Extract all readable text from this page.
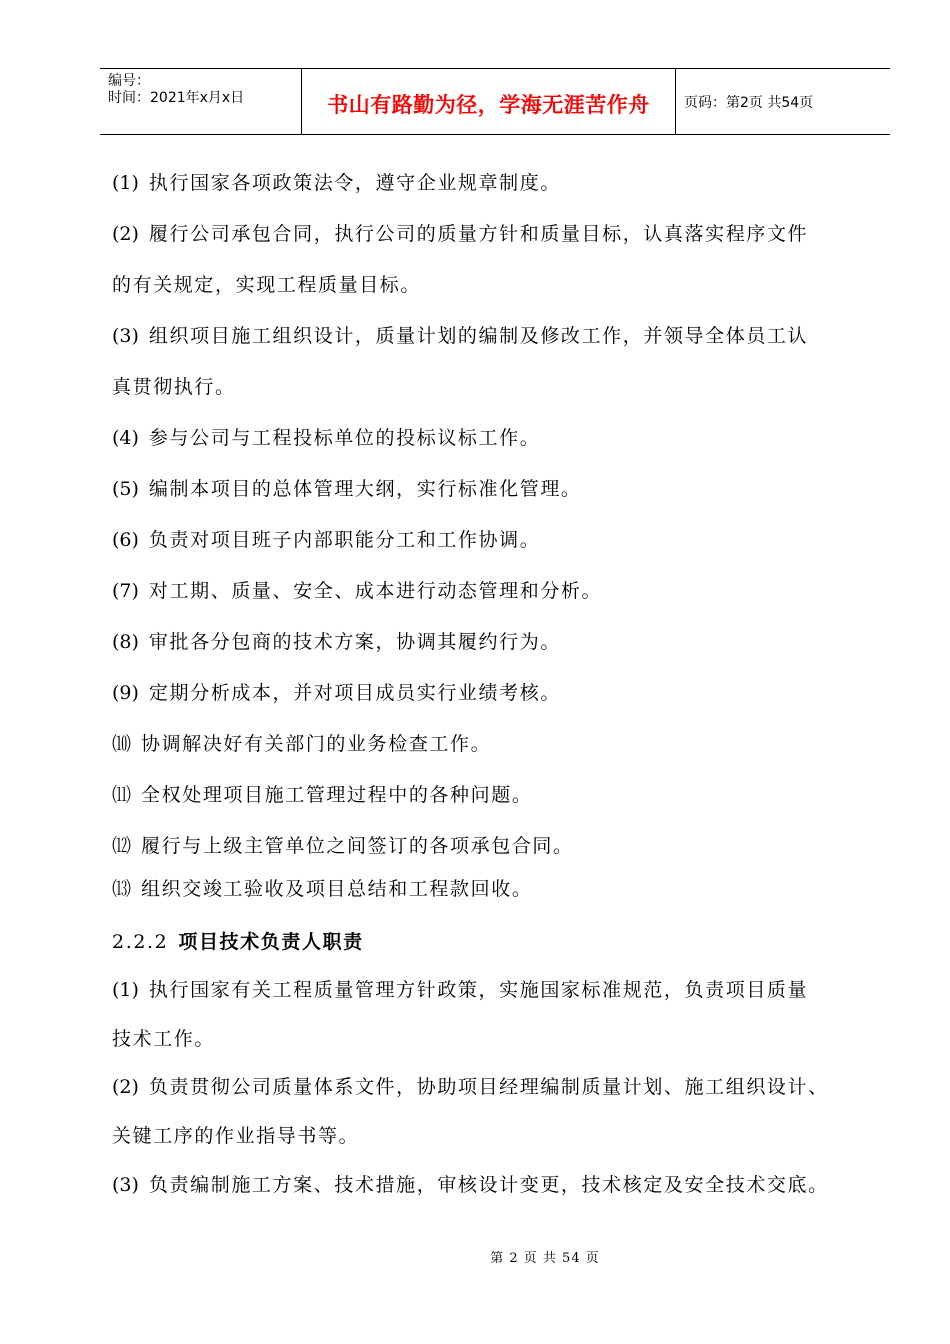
编号：
时间：2021年x月x日	书山有路勤为径，学海无涯苦作舟	页码：第2页 共54页
(1) 执行国家各项政策法令，遵守企业规章制度。
(2) 履行公司承包合同，执行公司的质量方针和质量目标，认真落实程序文件
的有关规定，实现工程质量目标。
(3) 组织项目施工组织设计，质量计划的编制及修改工作，并领导全体员工认
真贯彻执行。
(4) 参与公司与工程投标单位的投标议标工作。
(5) 编制本项目的总体管理大纲，实行标准化管理。
(6) 负责对项目班子内部职能分工和工作协调。
(7) 对工期、质量、安全、成本进行动态管理和分析。
(8) 审批各分包商的技术方案，协调其履约行为。
(9) 定期分析成本，并对项目成员实行业绩考核。
⑽ 协调解决好有关部门的业务检查工作。
⑾ 全权处理项目施工管理过程中的各种问题。
⑿ 履行与上级主管单位之间签订的各项承包合同。
⒀ 组织交竣工验收及项目总结和工程款回收。
2.2.2 项目技术负责人职责
(1) 执行国家有关工程质量管理方针政策，实施国家标准规范，负责项目质量
技术工作。
(2) 负责贯彻公司质量体系文件，协助项目经理编制质量计划、施工组织设计、
关键工序的作业指导书等。
(3) 负责编制施工方案、技术措施，审核设计变更，技术核定及安全技术交底。
第 2 页 共 54 页
